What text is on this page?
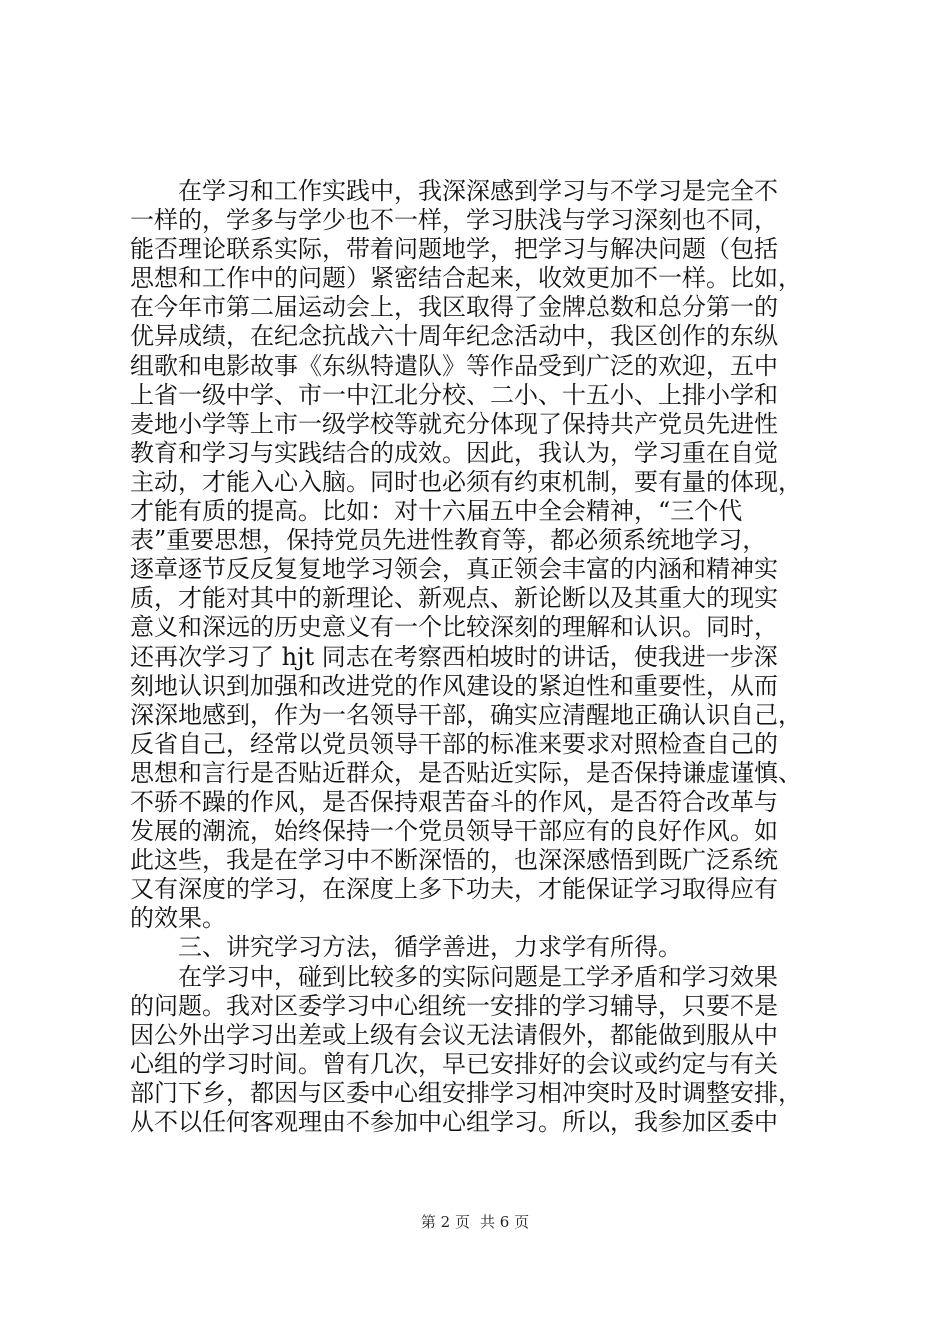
在学习和工作实践中，我深深感到学习与不学习是完全不
一样的，学多与学少也不一样，学习肤浅与学习深刻也不同，
能否理论联系实际，带着问题地学，把学习与解决问题（包括
思想和工作中的问题）紧密结合起来，收效更加不一样。比如，
在今年市第二届运动会上，我区取得了金牌总数和总分第一的
优异成绩，在纪念抗战六十周年纪念活动中，我区创作的东纵
组歌和电影故事《东纵特遣队》等作品受到广泛的欢迎，五中
上省一级中学、市一中江北分校、二小、十五小、上排小学和
麦地小学等上市一级学校等就充分体现了保持共产党员先进性
教育和学习与实践结合的成效。因此，我认为，学习重在自觉
主动，才能入心入脑。同时也必须有约束机制，要有量的体现，
才能有质的提高。比如：对十六届五中全会精神，“三个代
表”重要思想，保持党员先进性教育等，都必须系统地学习，
逐章逐节反反复复地学习领会，真正领会丰富的内涵和精神实
质，才能对其中的新理论、新观点、新论断以及其重大的现实
意义和深远的历史意义有一个比较深刻的理解和认识。同时，
还再次学习了 hjt 同志在考察西柏坡时的讲话，使我进一步深
刻地认识到加强和改进党的作风建设的紧迫性和重要性，从而
深深地感到，作为一名领导干部，确实应清醒地正确认识自己，
反省自己，经常以党员领导干部的标准来要求对照检查自己的
思想和言行是否贴近群众，是否贴近实际，是否保持谦虚谨慎、
不骄不躁的作风，是否保持艰苦奋斗的作风，是否符合改革与
发展的潮流，始终保持一个党员领导干部应有的良好作风。如
此这些，我是在学习中不断深悟的，也深深感悟到既广泛系统
又有深度的学习，在深度上多下功夫，才能保证学习取得应有
的效果。
三、讲究学习方法，循学善进，力求学有所得。
在学习中，碰到比较多的实际问题是工学矛盾和学习效果
的问题。我对区委学习中心组统一安排的学习辅导，只要不是
因公外出学习出差或上级有会议无法请假外，都能做到服从中
心组的学习时间。曾有几次，早已安排好的会议或约定与有关
部门下乡，都因与区委中心组安排学习相冲突时及时调整安排，
从不以任何客观理由不参加中心组学习。所以，我参加区委中
第 2 页 共 6 页
